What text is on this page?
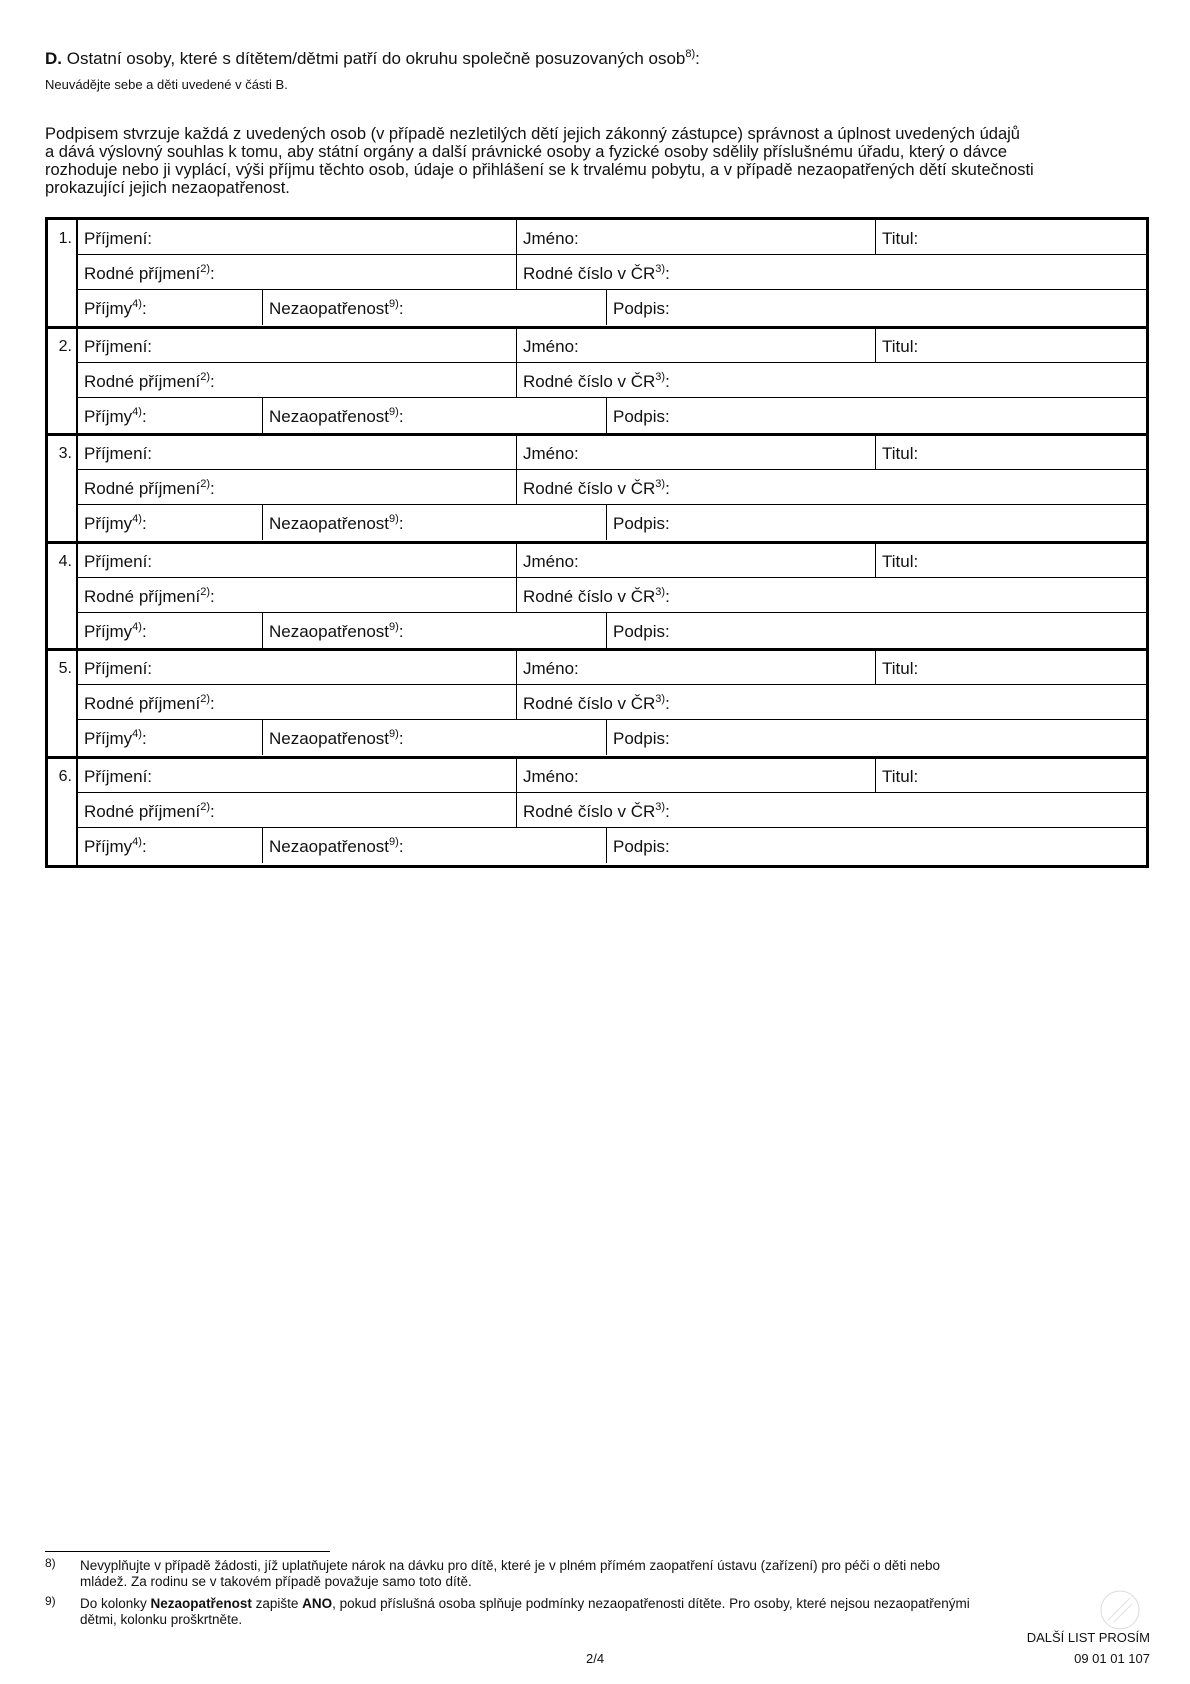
D. Ostatní osoby, které s dítětem/dětmi patří do okruhu společně posuzovaných osob$^{8)}$:
Neuvádějte sebe a děti uvedené v části B.
Podpisem stvrzuje každá z uvedených osob (v případě nezletilých dětí jejich zákonný zástupce) správnost a úplnost uvedených údajů
a dává výslovný souhlas k tomu, aby státní orgány a další právnické osoby a fyzické osoby sdělily příslušnému úřadu, který o dávce
rozhoduje nebo ji vyplácí, výši příjmu těchto osob, údaje o přihlášení se k trvalému pobytu, a v případě nezaopatřených dětí skutečnosti
prokazující jejich nezaopatřenost.
1. Příjmení:	Jméno:	Titul:
Rodné příjmení$^{2)}$:	Rodné číslo v ČR$^{3)}$:
Příjmy$^{4)}$:	Nezaopatřenost$^{9)}$:	Podpis:
2. Příjmení:	Jméno:	Titul:
Rodné příjmení$^{2)}$:	Rodné číslo v ČR$^{3)}$:
Příjmy$^{4)}$:	Nezaopatřenost$^{9)}$:	Podpis:
3. Příjmení:	Jméno:	Titul:
Rodné příjmení$^{2)}$:	Rodné číslo v ČR$^{3)}$:
Příjmy$^{4)}$:	Nezaopatřenost$^{9)}$:	Podpis:
4. Příjmení:	Jméno:	Titul:
Rodné příjmení$^{2)}$:	Rodné číslo v ČR$^{3)}$:
Příjmy$^{4)}$:	Nezaopatřenost$^{9)}$:	Podpis:
5. Příjmení:	Jméno:	Titul:
Rodné příjmení$^{2)}$:	Rodné číslo v ČR$^{3)}$:
Příjmy$^{4)}$:	Nezaopatřenost$^{9)}$:	Podpis:
6. Příjmení:	Jméno:	Titul:
Rodné příjmení$^{2)}$:	Rodné číslo v ČR$^{3)}$:
Příjmy$^{4)}$:	Nezaopatřenost$^{9)}$:	Podpis:
8) Nevyplňujte v případě žádosti, jíž uplatňujete nárok na dávku pro dítě, které je v plném přímém zaopatření ústavu (zařízení) pro péči o děti nebo
mládež. Za rodinu se v takovém případě považuje samo toto dítě.
9) Do kolonky Nezaopatřenost zapište ANO, pokud příslušná osoba splňuje podmínky nezaopatřenosti dítěte. Pro osoby, které nejsou nezaopatřenými
dětmi, kolonku proškrtněte.
DALŠÍ LIST PROSÍM
2/4	09 01 01 107
